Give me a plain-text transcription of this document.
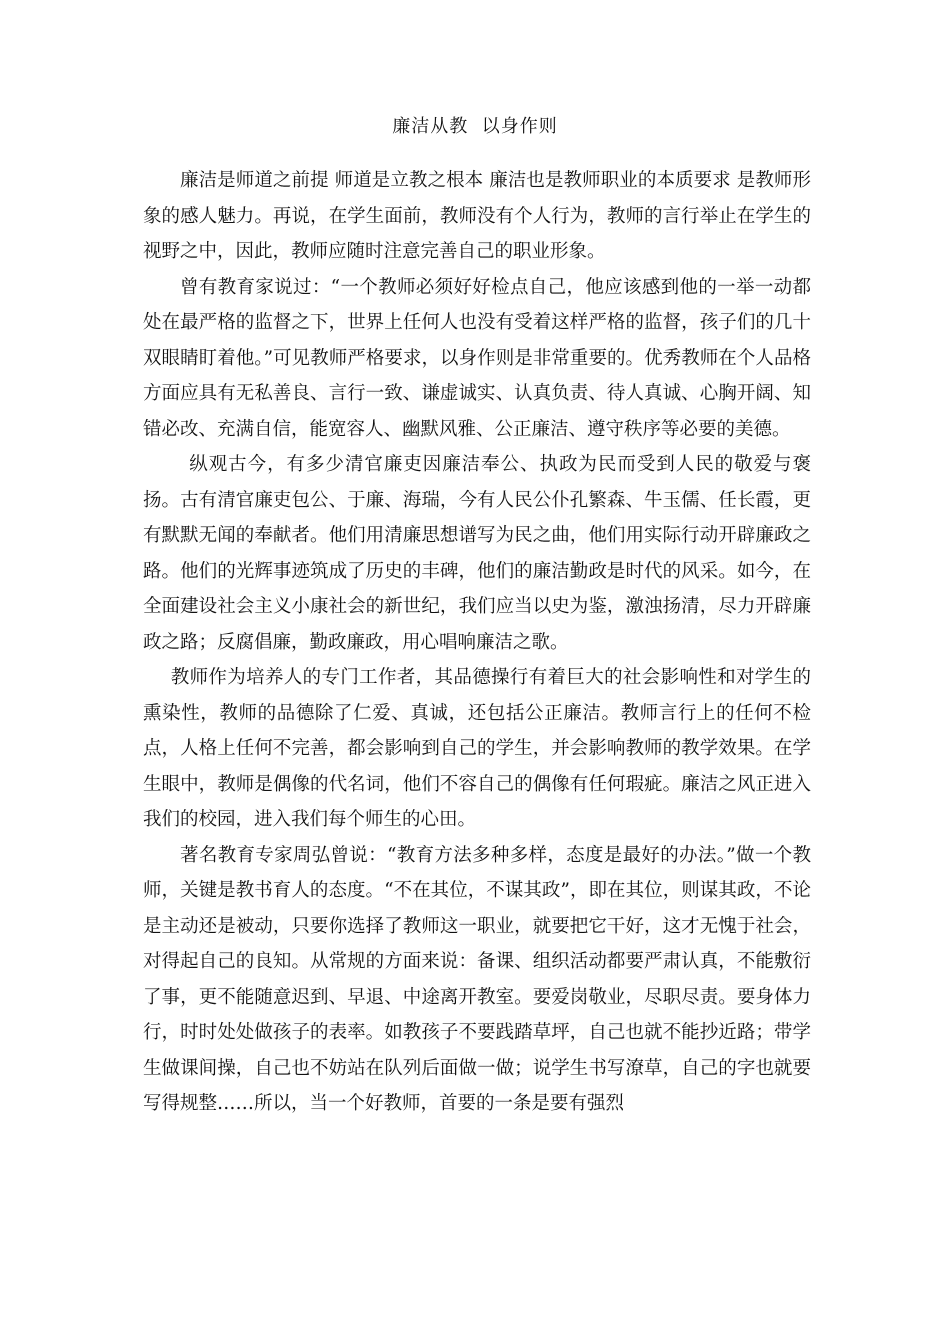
廉洁从教  以身作则

廉洁是师道之前提 师道是立教之根本 廉洁也是教师职业的本质要求 是教师形象的感人魅力。再说，在学生面前，教师没有个人行为，教师的言行举止在学生的视野之中，因此，教师应随时注意完善自己的职业形象。

曾有教育家说过：“一个教师必须好好检点自己，他应该感到他的一举一动都处在最严格的监督之下，世界上任何人也没有受着这样严格的监督，孩子们的几十双眼睛盯着他。”可见教师严格要求，以身作则是非常重要的。优秀教师在个人品格方面应具有无私善良、言行一致、谦虚诚实、认真负责、待人真诚、心胸开阔、知错必改、充满自信，能宽容人、幽默风雅、公正廉洁、遵守秩序等必要的美德。

纵观古今，有多少清官廉吏因廉洁奉公、执政为民而受到人民的敬爱与褒扬。古有清官廉吏包公、于廉、海瑞，今有人民公仆孔繁森、牛玉儒、任长霞，更有默默无闻的奉献者。他们用清廉思想谱写为民之曲，他们用实际行动开辟廉政之路。他们的光辉事迹筑成了历史的丰碑，他们的廉洁勤政是时代的风采。如今，在全面建设社会主义小康社会的新世纪，我们应当以史为鉴，激浊扬清，尽力开辟廉政之路；反腐倡廉，勤政廉政，用心唱响廉洁之歌。

教师作为培养人的专门工作者，其品德操行有着巨大的社会影响性和对学生的熏染性，教师的品德除了仁爱、真诚，还包括公正廉洁。教师言行上的任何不检点，人格上任何不完善，都会影响到自己的学生，并会影响教师的教学效果。在学生眼中，教师是偶像的代名词，他们不容自己的偶像有任何瑕疵。廉洁之风正进入我们的校园，进入我们每个师生的心田。

著名教育专家周弘曾说：“教育方法多种多样，态度是最好的办法。”做一个教师，关键是教书育人的态度。“不在其位，不谋其政”，即在其位，则谋其政，不论是主动还是被动，只要你选择了教师这一职业，就要把它干好，这才无愧于社会，对得起自己的良知。从常规的方面来说：备课、组织活动都要严肃认真，不能敷衍了事，更不能随意迟到、早退、中途离开教室。要爱岗敬业，尽职尽责。要身体力行，时时处处做孩子的表率。如教孩子不要践踏草坪，自己也就不能抄近路；带学生做课间操，自己也不妨站在队列后面做一做；说学生书写潦草，自己的字也就要写得规整……所以，当一个好教师，首要的一条是要有强烈
